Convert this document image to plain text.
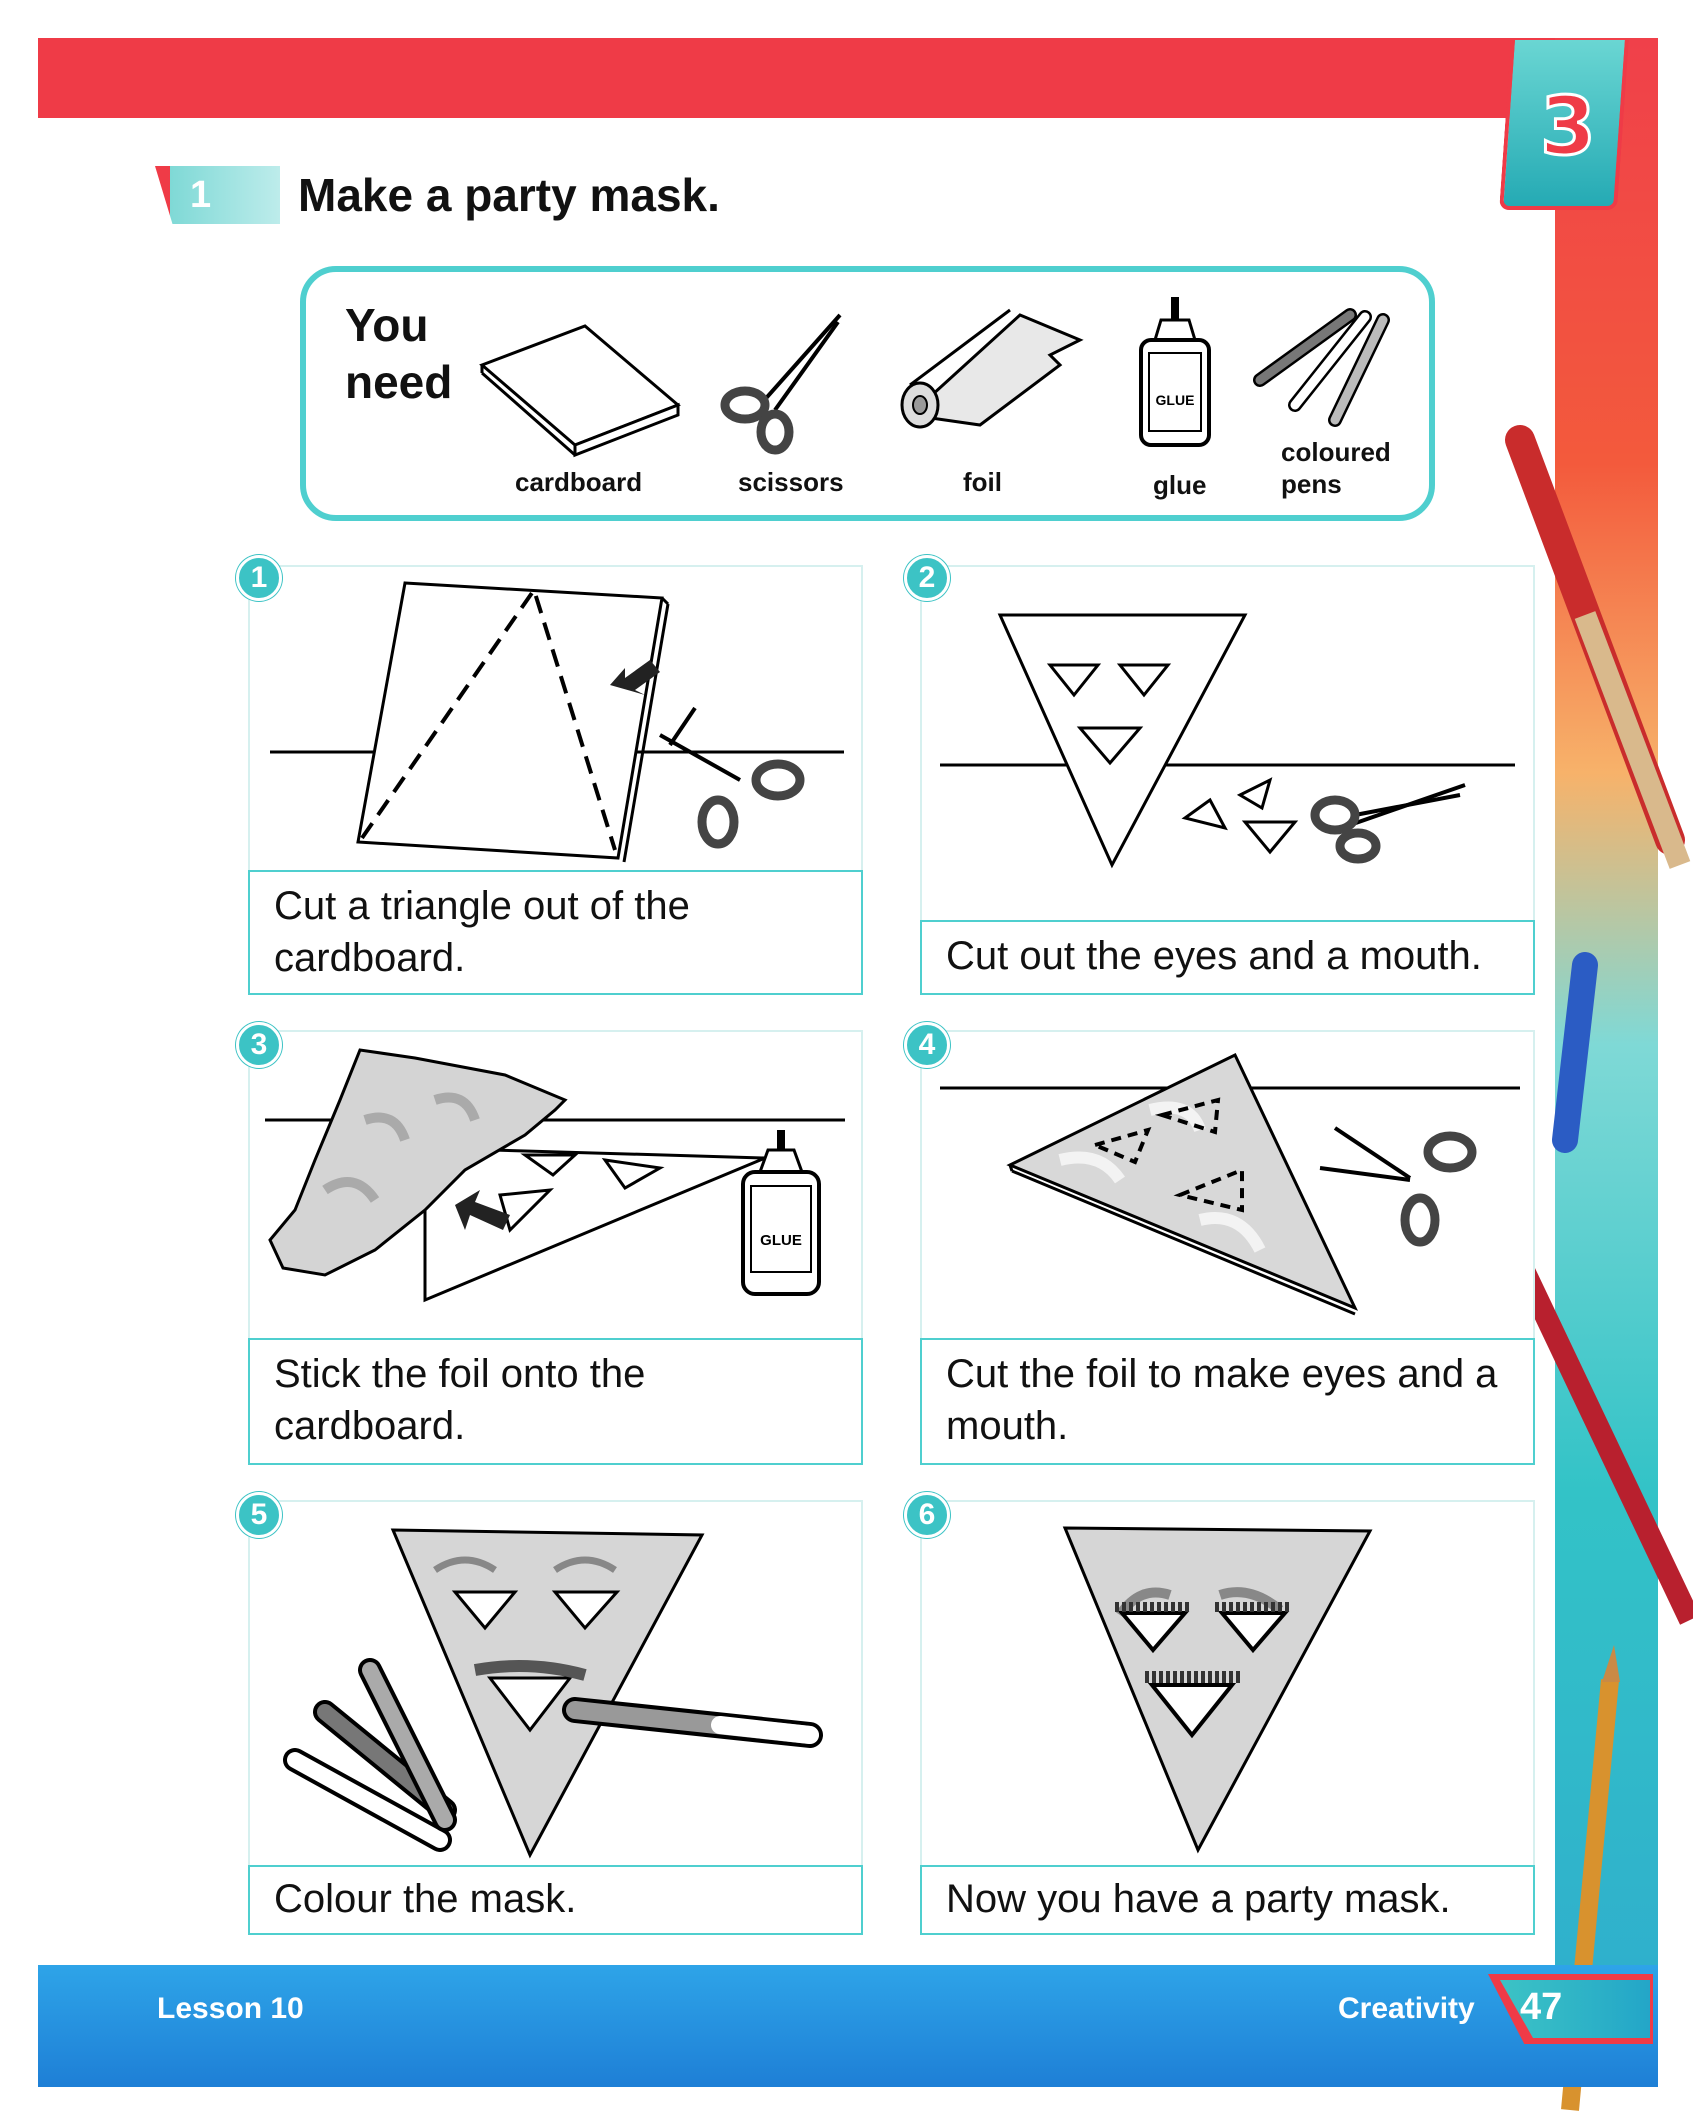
3
1 Make a party mask.
You need	GLUE
cardboard	scissors	foil	glue
coloured pens
1
Cut a triangle out of the cardboard.
2
Cut out the eyes and a mouth.
GLUE
3
Stick the foil onto the cardboard.
4
Cut the foil to make eyes and a mouth.
5
Colour the mask.
6
Now you have a party mask.
Lesson 10	Creativity 47
